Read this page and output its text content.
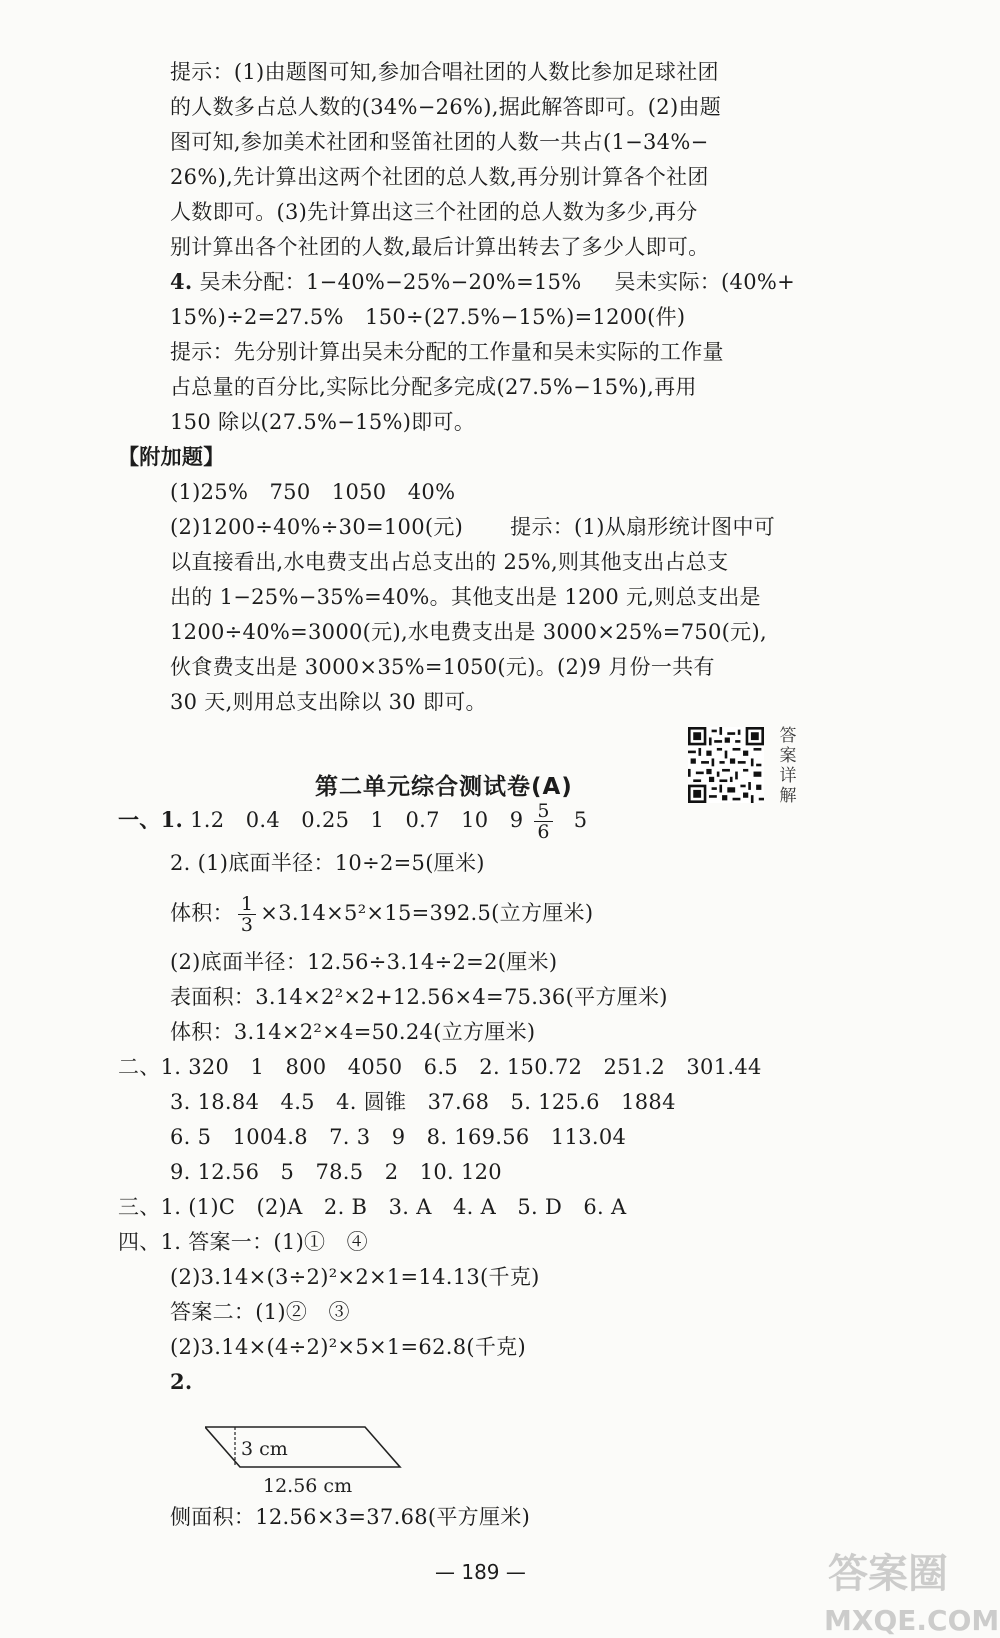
提示：(1)由题图可知,参加合唱社团的人数比参加足球社团
的人数多占总人数的(34%−26%),据此解答即可。(2)由题
图可知,参加美术社团和竖笛社团的人数一共占(1−34%−
26%),先计算出这两个社团的总人数,再分别计算各个社团
人数即可。(3)先计算出这三个社团的总人数为多少,再分
别计算出各个社团的人数,最后计算出转去了多少人即可。
4. 吴未分配：1−40%−25%−20%=15% 吴未实际：(40%+
15%)÷2=27.5%　150÷(27.5%−15%)=1200(件)
提示：先分别计算出吴未分配的工作量和吴未实际的工作量
占总量的百分比,实际比分配多完成(27.5%−15%),再用
150 除以(27.5%−15%)即可。
【附加题】
(1)25%　750　1050　40%
(2)1200÷40%÷30=100(元) 提示：(1)从扇形统计图中可
以直接看出,水电费支出占总支出的 25%,则其他支出占总支
出的 1−25%−35%=40%。其他支出是 1200 元,则总支出是
1200÷40%=3000(元),水电费支出是 3000×25%=750(元),
伙食费支出是 3000×35%=1050(元)。(2)9 月份一共有
30 天,则用总支出除以 30 即可。
答
案
详
解
第二单元综合测试卷(A)
一、1. 1.2　0.4　0.25　1　0.7　10　$9 \frac{5}{6} 5$
2. (1)底面半径：10÷2=5(厘米)
体积： $\frac{1}{3} \times 3.14\times 5^2\times 15=392.5$(立方厘米)
(2)底面半径：12.56÷3.14÷2=2(厘米)
表面积：3.14×2²×2+12.56×4=75.36(平方厘米)
体积：3.14×2²×4=50.24(立方厘米)
二、1. 320　1　800　4050　6.5　2. 150.72　251.2　301.44
3. 18.84　4.5　4. 圆锥　37.68　5. 125.6　1884
6. 5　1004.8　7. 3　9　8. 169.56　113.04
9. 12.56　5　78.5　2　10. 120
三、1. (1)C　(2)A　2. B　3. A　4. A　5. D　6. A
四、1. 答案一：(1)①　④
(2)3.14×(3÷2)²×2×1=14.13(千克)
答案二：(1)②　③
(2)3.14×(4÷2)²×5×1=62.8(千克)
2.
3 cm
12.56 cm
侧面积：12.56×3=37.68(平方厘米)
— 189 —	答案圈
MXQE.COM
